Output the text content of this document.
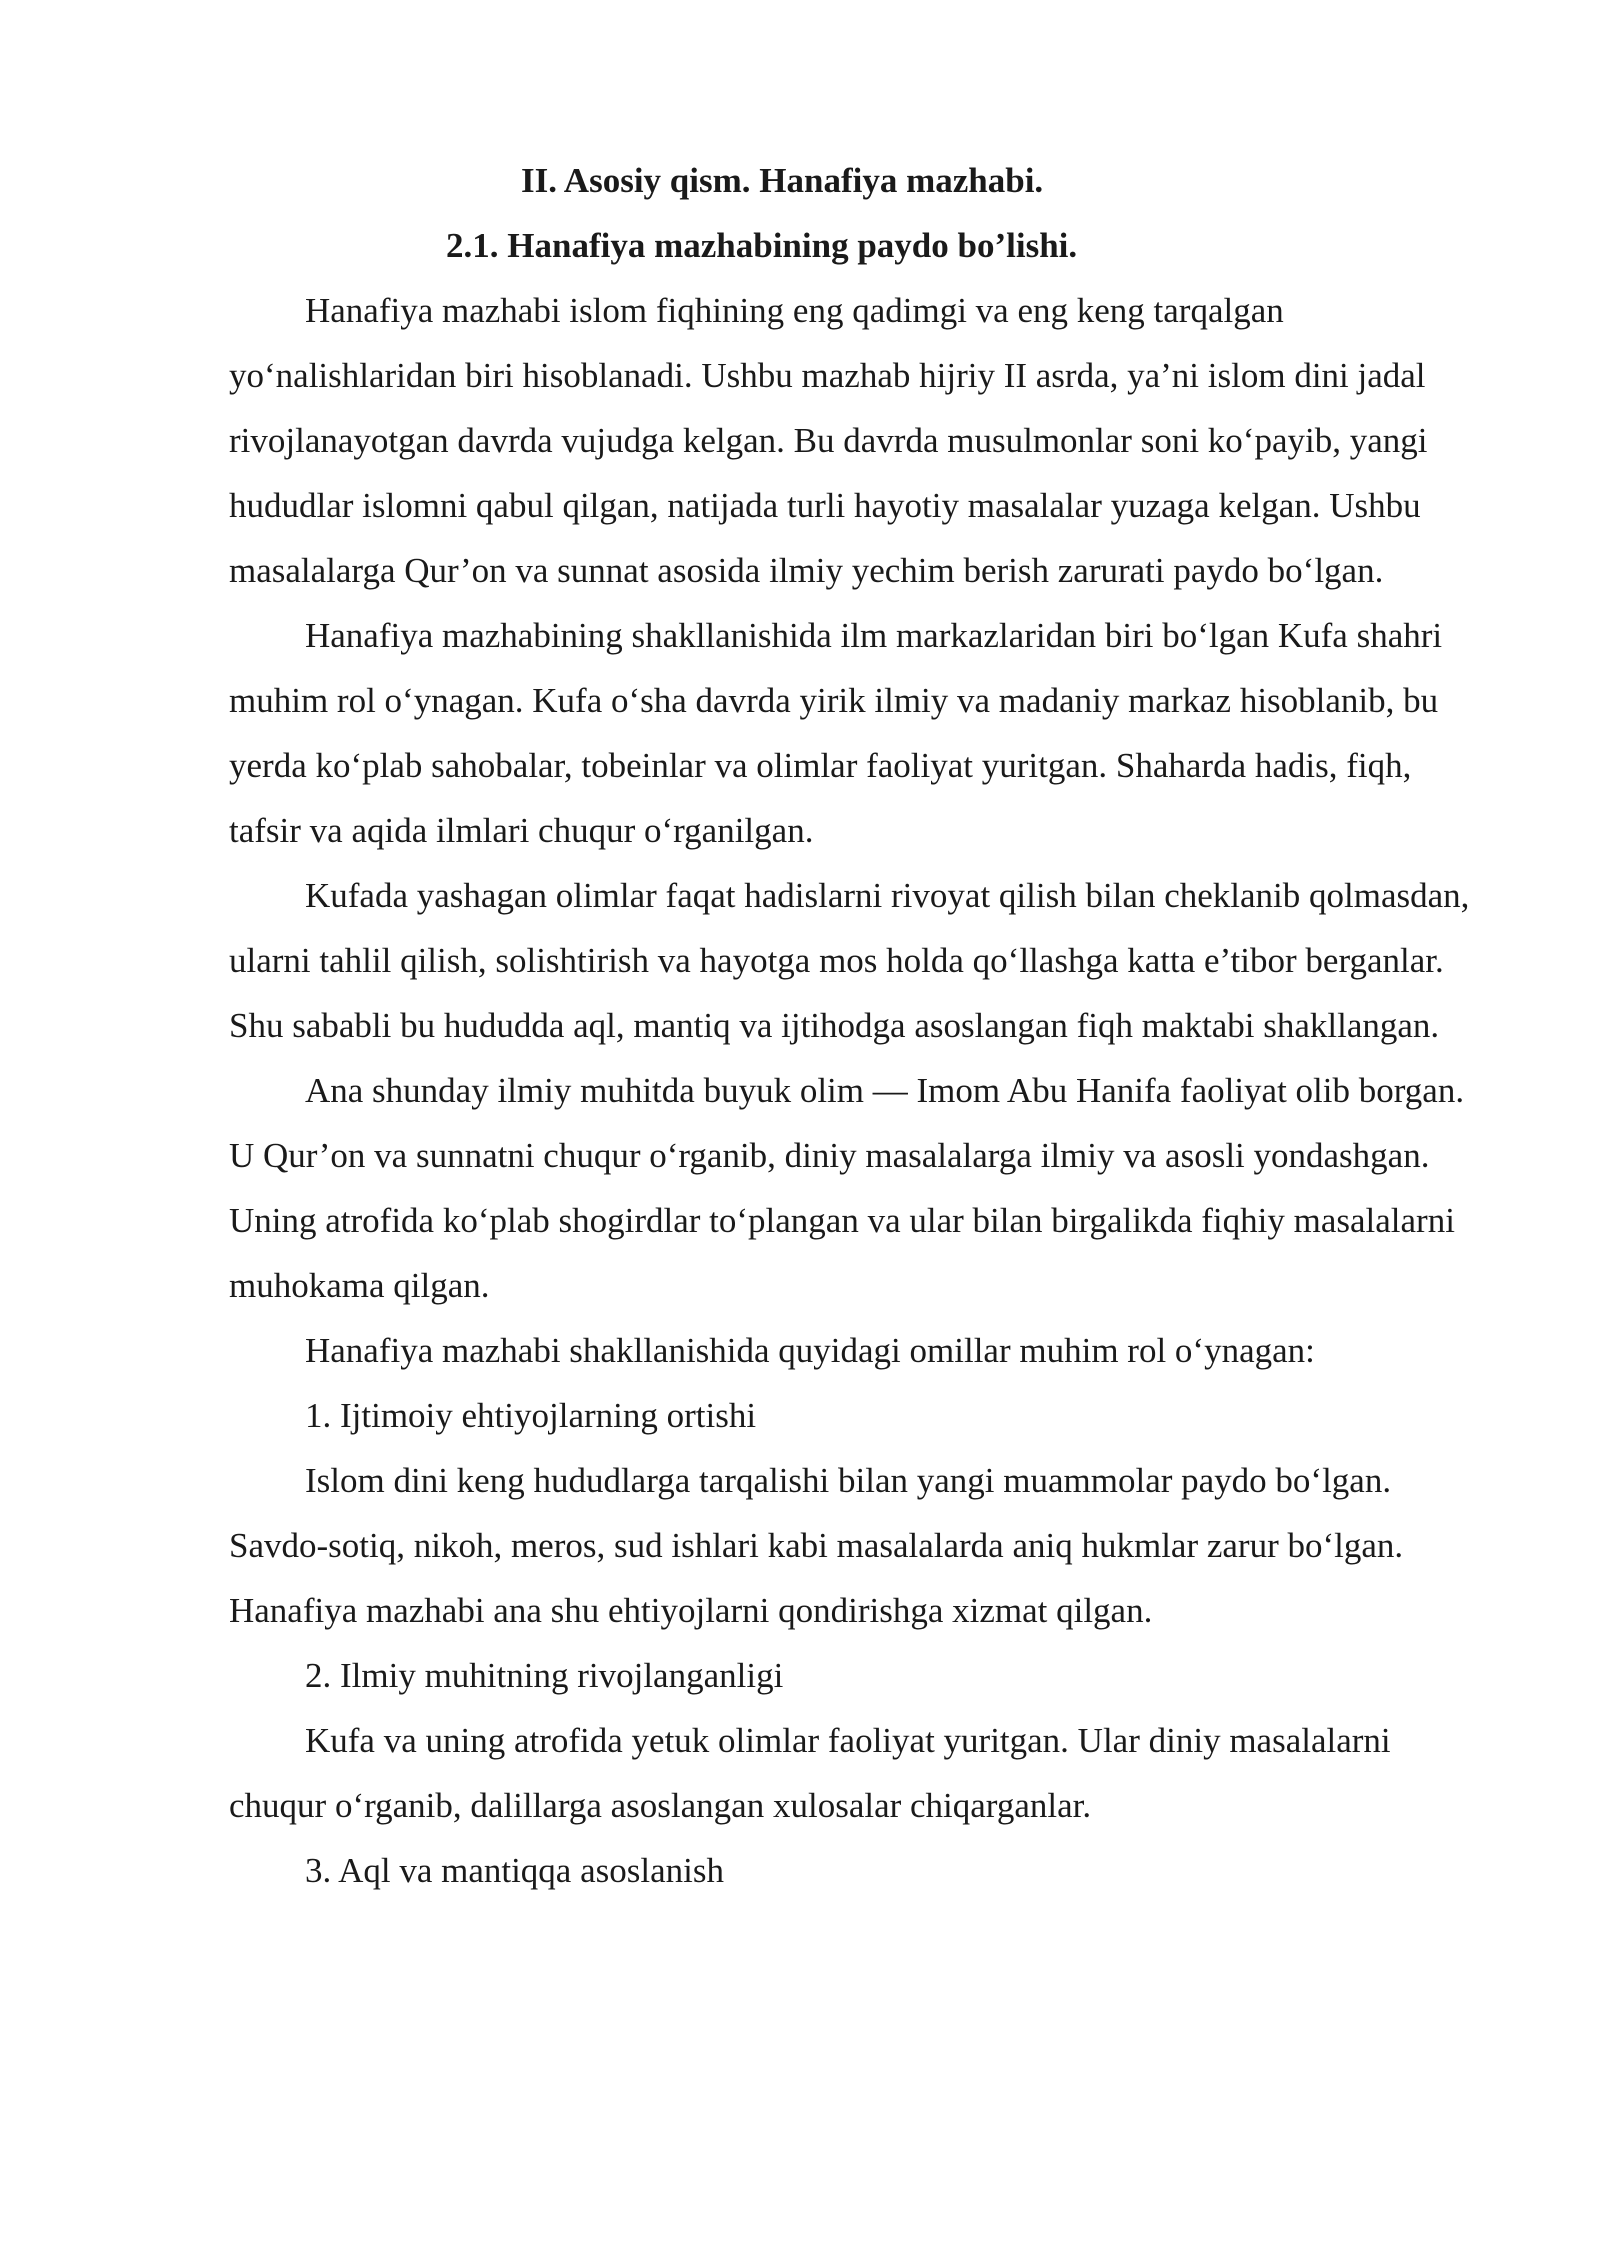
II. Asosiy qism. Hanafiya mazhabi.

2.1. Hanafiya mazhabining paydo bo’lishi.

Hanafiya mazhabi islom fiqhining eng qadimgi va eng keng tarqalgan yoʻnalishlaridan biri hisoblanadi. Ushbu mazhab hijriy II asrda, ya’ni islom dini jadal rivojlanayotgan davrda vujudga kelgan. Bu davrda musulmonlar soni koʻpayib, yangi hududlar islomni qabul qilgan, natijada turli hayotiy masalalar yuzaga kelgan. Ushbu masalalarga Qur’on va sunnat asosida ilmiy yechim berish zarurati paydo boʻlgan.

Hanafiya mazhabining shakllanishida ilm markazlaridan biri boʻlgan Kufa shahri muhim rol oʻynagan. Kufa oʻsha davrda yirik ilmiy va madaniy markaz hisoblanib, bu yerda koʻplab sahobalar, tobeinlar va olimlar faoliyat yuritgan. Shaharda hadis, fiqh, tafsir va aqida ilmlari chuqur oʻrganilgan.

Kufada yashagan olimlar faqat hadislarni rivoyat qilish bilan cheklanib qolmasdan, ularni tahlil qilish, solishtirish va hayotga mos holda qoʻllashga katta e’tibor berganlar. Shu sababli bu hududda aql, mantiq va ijtihodga asoslangan fiqh maktabi shakllangan.

Ana shunday ilmiy muhitda buyuk olim — Imom Abu Hanifa faoliyat olib borgan. U Qur’on va sunnatni chuqur oʻrganib, diniy masalalarga ilmiy va asosli yondashgan. Uning atrofida koʻplab shogirdlar toʻplangan va ular bilan birgalikda fiqhiy masalalarni muhokama qilgan.

Hanafiya mazhabi shakllanishida quyidagi omillar muhim rol oʻynagan:

1. Ijtimoiy ehtiyojlarning ortishi

Islom dini keng hududlarga tarqalishi bilan yangi muammolar paydo boʻlgan. Savdo-sotiq, nikoh, meros, sud ishlari kabi masalalarda aniq hukmlar zarur boʻlgan. Hanafiya mazhabi ana shu ehtiyojlarni qondirishga xizmat qilgan.

2. Ilmiy muhitning rivojlanganligi

Kufa va uning atrofida yetuk olimlar faoliyat yuritgan. Ular diniy masalalarni chuqur oʻrganib, dalillarga asoslangan xulosalar chiqarganlar.

3. Aql va mantiqqa asoslanish
